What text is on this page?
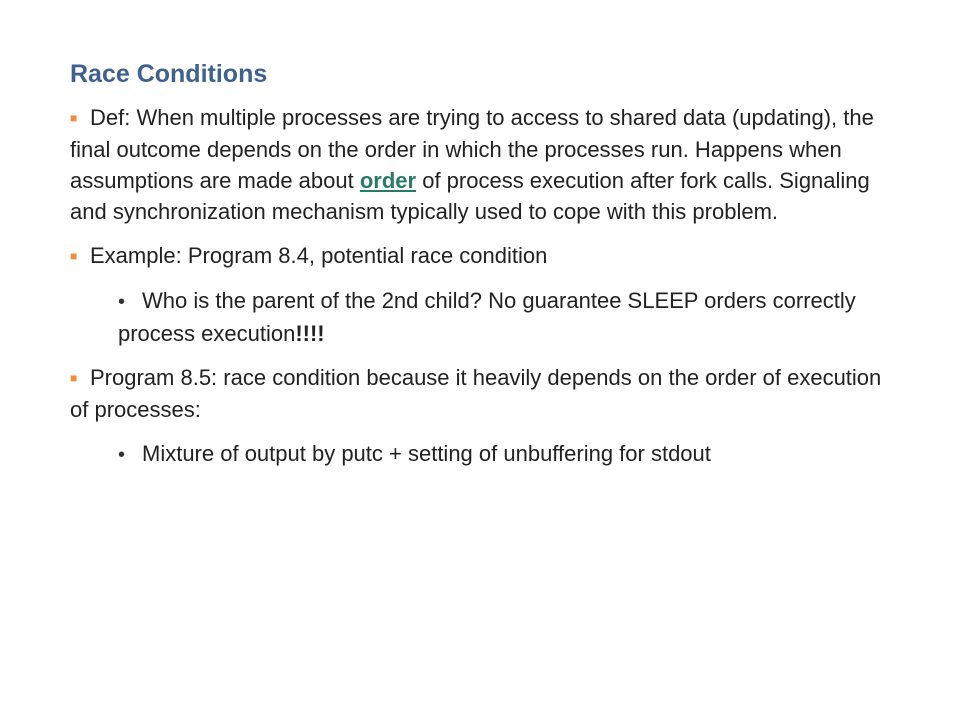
Race Conditions

■ Def: When multiple processes are trying to access to shared data (updating), the final outcome depends on the order in which the processes run. Happens when assumptions are made about order of process execution after fork calls. Signaling and synchronization mechanism typically used to cope with this problem.

■ Example: Program 8.4, potential race condition

• Who is the parent of the 2nd child? No guarantee SLEEP orders correctly process execution!!!!

■ Program 8.5: race condition because it heavily depends on the order of execution of processes:

• Mixture of output by putc + setting of unbuffering for stdout
